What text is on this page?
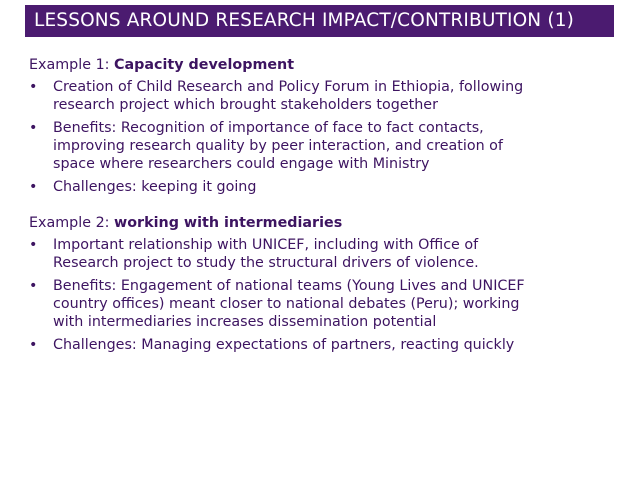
LESSONS AROUND RESEARCH IMPACT/CONTRIBUTION (1)
Example 1: Capacity development
• Creation of Child Research and Policy Forum in Ethiopia, following
research project which brought stakeholders together
• Benefits: Recognition of importance of face to fact contacts,
improving research quality by peer interaction, and creation of
space where researchers could engage with Ministry
• Challenges: keeping it going
Example 2: working with intermediaries
• Important relationship with UNICEF, including with Office of
Research project to study the structural drivers of violence.
• Benefits: Engagement of national teams (Young Lives and UNICEF
country offices) meant closer to national debates (Peru); working
with intermediaries increases dissemination potential
• Challenges: Managing expectations of partners, reacting quickly
